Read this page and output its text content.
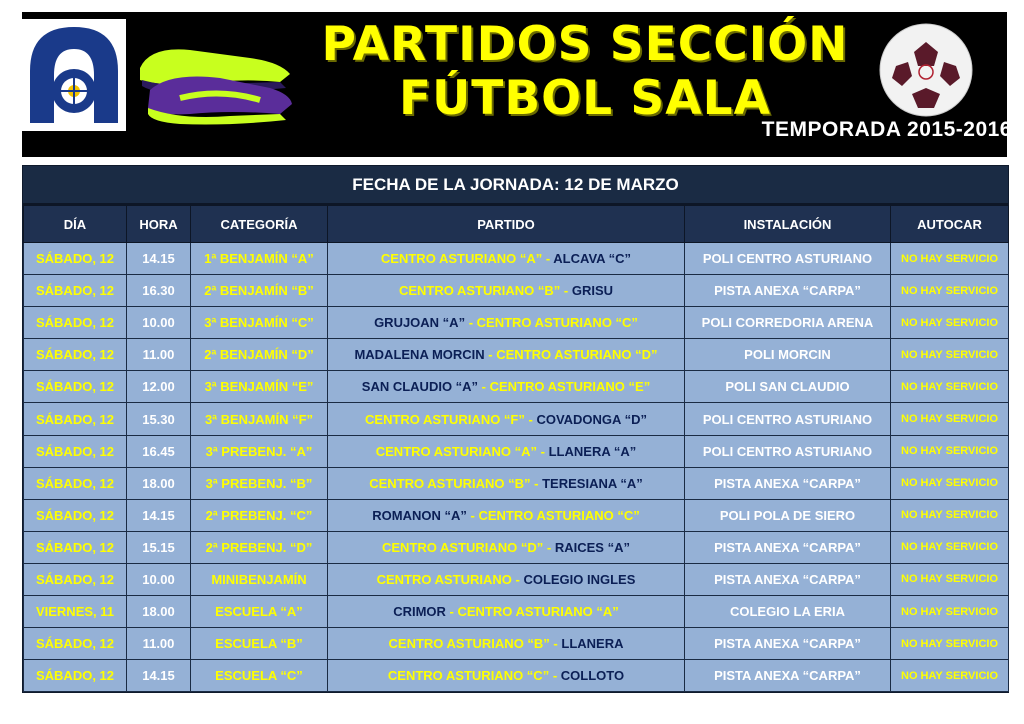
PARTIDOS SECCIÓN
FÚTBOL SALA
TEMPORADA 2015-2016
FECHA DE LA JORNADA: 12 DE MARZO
DÍA	HORA	CATEGORÍA	PARTIDO	INSTALACIÓN	AUTOCAR
SÁBADO, 12	14.15	1ª BENJAMÍN “A”	CENTRO ASTURIANO “A” - ALCAVA “C”	POLI CENTRO ASTURIANO	NO HAY SERVICIO
SÁBADO, 12	16.30	2ª BENJAMÍN “B”	CENTRO ASTURIANO “B” - GRISU	PISTA ANEXA “CARPA”	NO HAY SERVICIO
SÁBADO, 12	10.00	3ª BENJAMÍN “C”	GRUJOAN “A” - CENTRO ASTURIANO “C”	POLI CORREDORIA ARENA	NO HAY SERVICIO
SÁBADO, 12	11.00	2ª BENJAMÍN “D”	MADALENA MORCIN - CENTRO ASTURIANO “D”	POLI MORCIN	NO HAY SERVICIO
SÁBADO, 12	12.00	3ª BENJAMÍN “E”	SAN CLAUDIO “A” - CENTRO ASTURIANO “E”	POLI SAN CLAUDIO	NO HAY SERVICIO
SÁBADO, 12	15.30	3ª BENJAMÍN “F”	CENTRO ASTURIANO “F” - COVADONGA “D”	POLI CENTRO ASTURIANO	NO HAY SERVICIO
SÁBADO, 12	16.45	3ª PREBENJ. “A”	CENTRO ASTURIANO “A” - LLANERA “A”	POLI CENTRO ASTURIANO	NO HAY SERVICIO
SÁBADO, 12	18.00	3ª PREBENJ. “B”	CENTRO ASTURIANO “B” - TERESIANA “A”	PISTA ANEXA “CARPA”	NO HAY SERVICIO
SÁBADO, 12	14.15	2ª PREBENJ. “C”	ROMANON “A” - CENTRO ASTURIANO “C”	POLI POLA DE SIERO	NO HAY SERVICIO
SÁBADO, 12	15.15	2ª PREBENJ. “D”	CENTRO ASTURIANO “D” - RAICES “A”	PISTA ANEXA “CARPA”	NO HAY SERVICIO
SÁBADO, 12	10.00	MINIBENJAMÍN	CENTRO ASTURIANO - COLEGIO INGLES	PISTA ANEXA “CARPA”	NO HAY SERVICIO
VIERNES, 11	18.00	ESCUELA “A”	CRIMOR - CENTRO ASTURIANO “A”	COLEGIO LA ERIA	NO HAY SERVICIO
SÁBADO, 12	11.00	ESCUELA “B”	CENTRO ASTURIANO “B” - LLANERA	PISTA ANEXA “CARPA”	NO HAY SERVICIO
SÁBADO, 12	14.15	ESCUELA “C”	CENTRO ASTURIANO “C” - COLLOTO	PISTA ANEXA “CARPA”	NO HAY SERVICIO
